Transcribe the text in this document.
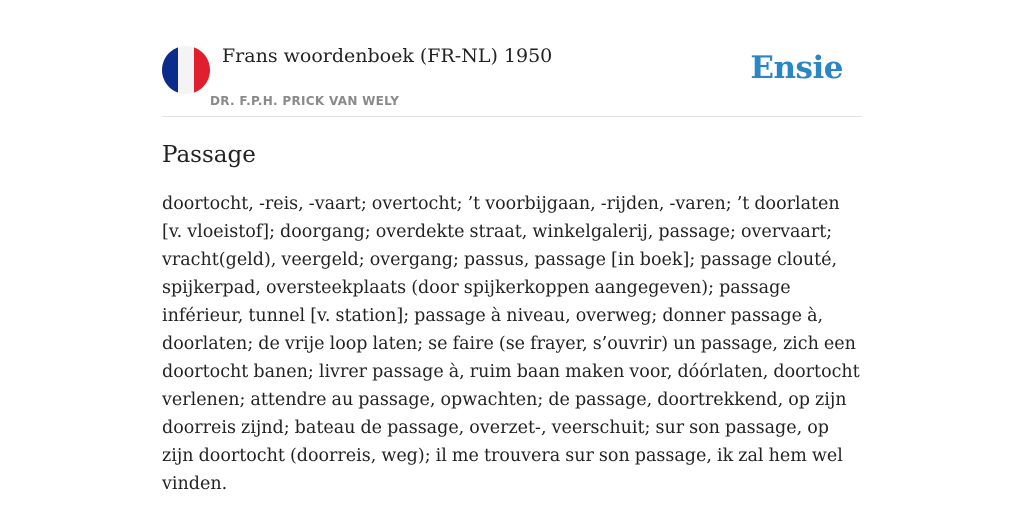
Frans woordenboek (FR-NL) 1950
DR. F.P.H. PRICK VAN WELY
Ensie
Passage

doortocht, -reis, -vaart; overtocht; ’t voorbijgaan, -rijden, -varen; ’t doorlaten [v. vloeistof]; doorgang; overdekte straat, winkelgalerij, passage; overvaart; vracht(geld), veergeld; overgang; passus, passage [in boek]; passage clouté, spijkerpad, oversteekplaats (door spijkerkoppen aangegeven); passage inférieur, tunnel [v. station]; passage à niveau, overweg; donner passage à, doorlaten; de vrije loop laten; se faire (se frayer, s’ouvrir) un passage, zich een doortocht banen; livrer passage à, ruim baan maken voor, dóórlaten, doortocht verlenen; attendre au passage, opwachten; de passage, doortrekkend, op zijn doorreis zijnd; bateau de passage, overzet-, veerschuit; sur son passage, op zijn doortocht (doorreis, weg); il me trouvera sur son passage, ik zal hem wel vinden.
